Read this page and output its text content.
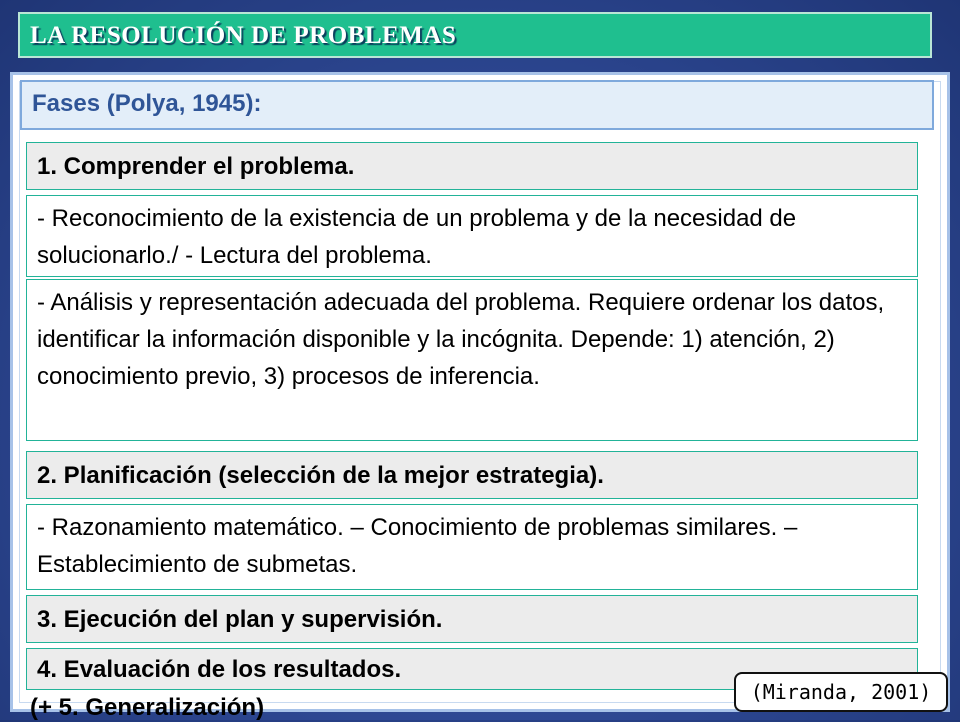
LA RESOLUCIÓN DE PROBLEMAS
Fases (Polya, 1945):
1. Comprender el problema.
- Reconocimiento de la existencia de un problema y de la necesidad de solucionarlo./ - Lectura del problema.
- Análisis y representación adecuada del problema. Requiere ordenar los datos, identificar la información disponible y la incógnita. Depende: 1) atención, 2) conocimiento previo, 3) procesos de inferencia.
2. Planificación (selección de la mejor estrategia).
- Razonamiento matemático. – Conocimiento de problemas similares. – Establecimiento de submetas.
3. Ejecución del plan y supervisión.
4. Evaluación de los resultados.
(+ 5. Generalización)
(Miranda, 2001)
